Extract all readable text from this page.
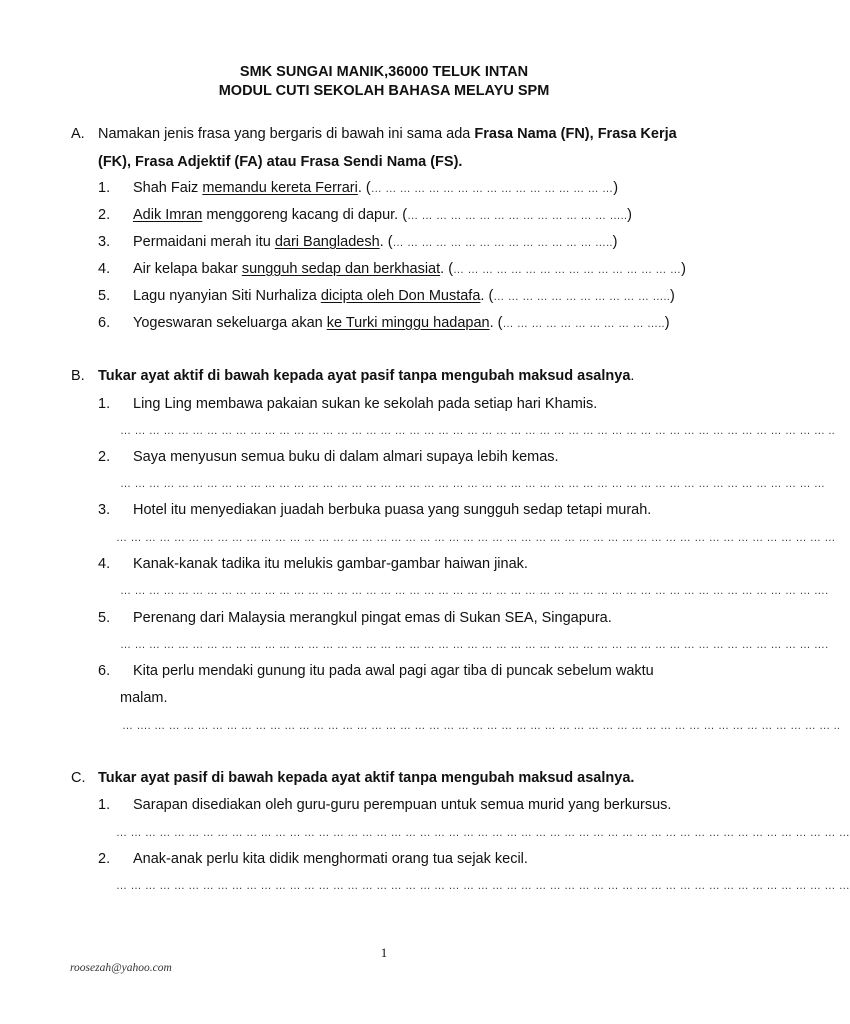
SMK SUNGAI MANIK,36000 TELUK INTAN
MODUL CUTI SEKOLAH BAHASA MELAYU SPM
A. Namakan jenis frasa yang bergaris di bawah ini sama ada Frasa Nama (FN), Frasa Kerja
(FK), Frasa Adjektif (FA) atau Frasa Sendi Nama (FS).
1. Shah Faiz memandu kereta Ferrari. (… … … … … … … … … … … … … … … … …)
2. Adik Imran menggoreng kacang di dapur. (… … … … … … … … … … … … … … …..)
3. Permaidani merah itu dari Bangladesh. (… … … … … … … … … … … … … … …..)
4. Air kelapa bakar sungguh sedap dan berkhasiat. (… … … … … … … … … … … … … … … …)
5. Lagu nyanyian Siti Nurhaliza dicipta oleh Don Mustafa. (… … … … … … … … … … … …..)
6. Yogeswaran sekeluarga akan ke Turki minggu hadapan. (… … … … … … … … … … …..)
B. Tukar ayat aktif di bawah kepada ayat pasif tanpa mengubah maksud asalnya.
1. Ling Ling membawa pakaian sukan ke sekolah pada setiap hari Khamis.
… … … … … … … … … … … … … … … … … … … … … … … … … … … … … … … … … … … … … … … … … … … … … … … … … ..
2. Saya menyusun semua buku di dalam almari supaya lebih kemas.
… … … … … … … … … … … … … … … … … … … … … … … … … … … … … … … … … … … … … … … … … … … … … … … … …
3. Hotel itu menyediakan juadah berbuka puasa yang sungguh sedap tetapi murah.
… … … … … … … … … … … … … … … … … … … … … … … … … … … … … … … … … … … … … … … … … … … … … … … … … …
4. Kanak-kanak tadika itu melukis gambar-gambar haiwan jinak.
… … … … … … … … … … … … … … … … … … … … … … … … … … … … … … … … … … … … … … … … … … … … … … … … ….
5. Perenang dari Malaysia merangkul pingat emas di Sukan SEA, Singapura.
… … … … … … … … … … … … … … … … … … … … … … … … … … … … … … … … … … … … … … … … … … … … … … … … ….
6. Kita perlu mendaki gunung itu pada awal pagi agar tiba di puncak sebelum waktu
malam.
… …. … … … … … … … … … … … … … … … … … … … … … … … … … … … … … … … … … … … … … … … … … … … … … … … ..
C. Tukar ayat pasif di bawah kepada ayat aktif tanpa mengubah maksud asalnya.
1. Sarapan disediakan oleh guru-guru perempuan untuk semua murid yang berkursus.
… … … … … … … … … … … … … … … … … … … … … … … … … … … … … … … … … … … … … … … … … … … … … … … … … … …
2. Anak-anak perlu kita didik menghormati orang tua sejak kecil.
… … … … … … … … … … … … … … … … … … … … … … … … … … … … … … … … … … … … … … … … … … … … … … … … … … …
1
roosezah@yahoo.com
